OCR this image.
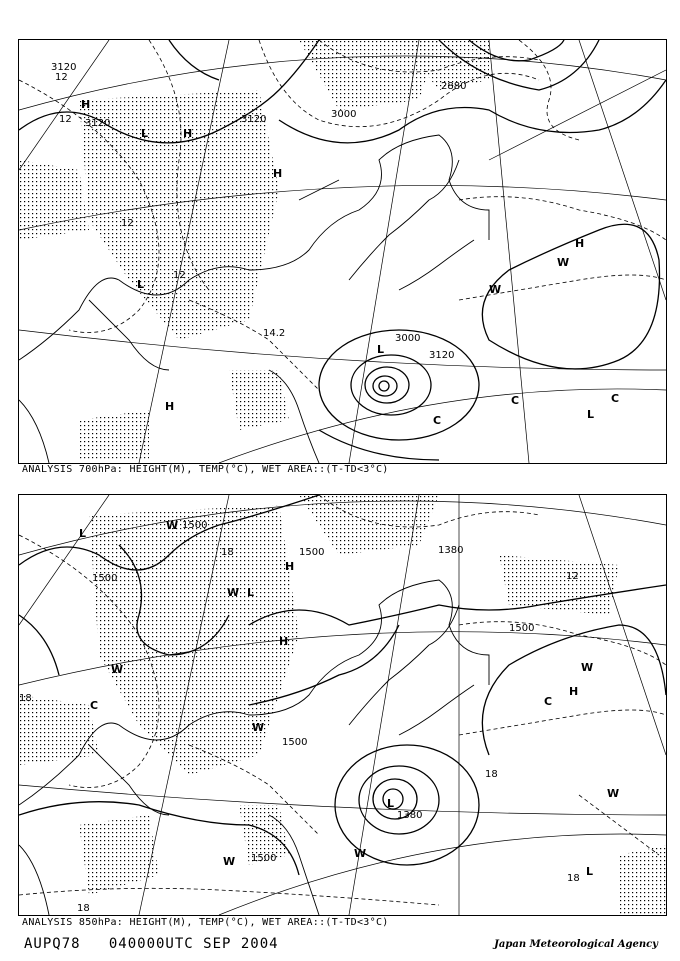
3120
3120	3120	3000
2880
3000
3120
12
12
12
12
14.2
H
H
H
L
L
H
W
W
C	C
C	L
L
H
ANALYSIS 700hPa: HEIGHT(M), TEMP(°C), WET AREA::(T-TD<3°C)
1500
1500
1500
1380
1500
1500
1500
1380
18
18
18
18
18
12
L
W
H
L
W
H
C
W
W
H
C
W
W
W
L
W
L
ANALYSIS 850hPa: HEIGHT(M), TEMP(°C), WET AREA::(T-TD<3°C)
AUPQ78   040000UTC SEP 2004	Japan Meteorological Agency
